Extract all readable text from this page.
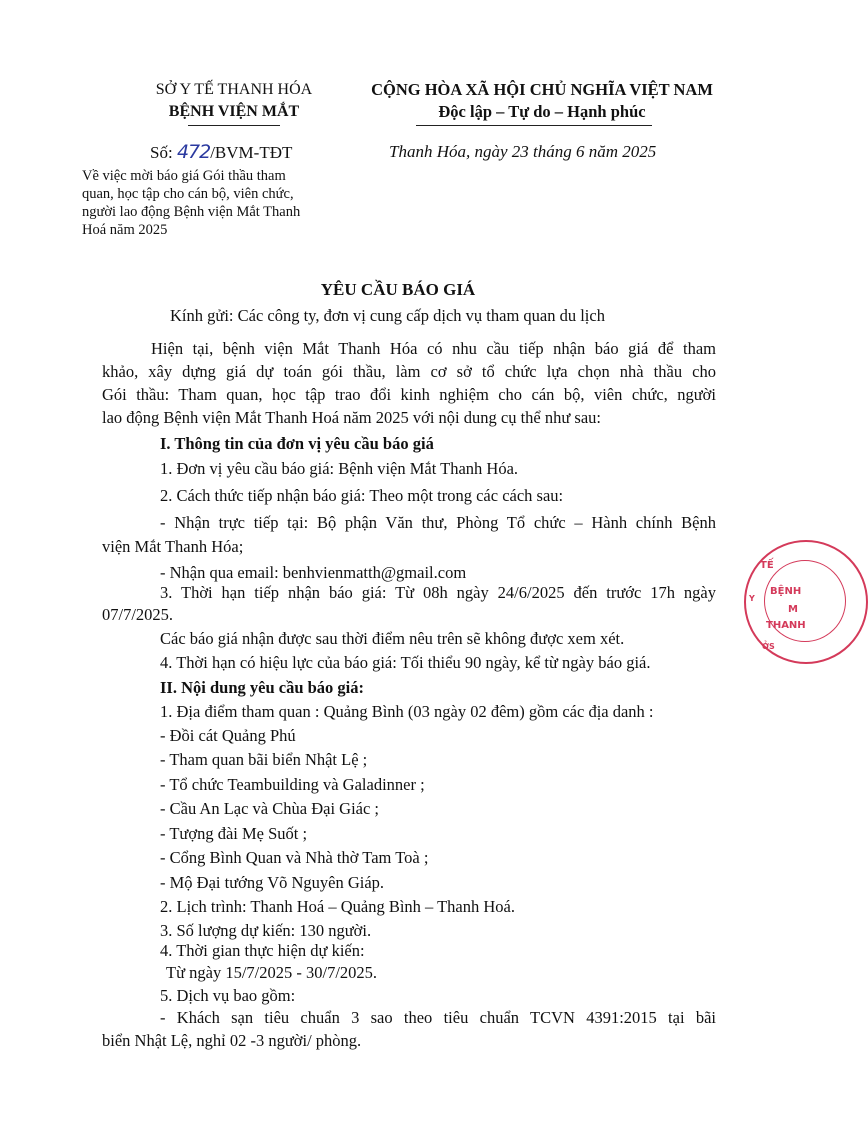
SỞ Y TẾ THANH HÓA
BỆNH VIỆN MẮT
Số: 472/BVM-TĐT
Về việc mời báo giá Gói thầu tham
quan, học tập cho cán bộ, viên chức,
người lao động Bệnh viện Mắt Thanh
Hoá năm 2025
CỘNG HÒA XÃ HỘI CHỦ NGHĨA VIỆT NAM
Độc lập – Tự do – Hạnh phúc
Thanh Hóa, ngày 23 tháng 6 năm 2025
TẾ
BỆNH
M
THANH
Y
ỞS
YÊU CẦU BÁO GIÁ
Kính gửi: Các công ty, đơn vị cung cấp dịch vụ tham quan du lịch
Hiện tại, bệnh viện Mắt Thanh Hóa có nhu cầu tiếp nhận báo giá để tham
khảo, xây dựng giá dự toán gói thầu, làm cơ sở tổ chức lựa chọn nhà thầu cho
Gói thầu: Tham quan, học tập trao đổi kinh nghiệm cho cán bộ, viên chức, người
lao động Bệnh viện Mắt Thanh Hoá năm 2025 với nội dung cụ thể như sau:
I. Thông tin của đơn vị yêu cầu báo giá
1. Đơn vị yêu cầu báo giá: Bệnh viện Mắt Thanh Hóa.
2. Cách thức tiếp nhận báo giá: Theo một trong các cách sau:
- Nhận trực tiếp tại: Bộ phận Văn thư, Phòng Tổ chức – Hành chính Bệnh
viện Mắt Thanh Hóa;
- Nhận qua email: benhvienmatth@gmail.com
3. Thời hạn tiếp nhận báo giá: Từ 08h ngày 24/6/2025 đến trước 17h ngày
07/7/2025.
Các báo giá nhận được sau thời điểm nêu trên sẽ không được xem xét.
4. Thời hạn có hiệu lực của báo giá: Tối thiểu 90 ngày, kể từ ngày báo giá.
II. Nội dung yêu cầu báo giá:
1. Địa điểm tham quan : Quảng Bình (03 ngày 02 đêm) gồm các địa danh :
- Đồi cát Quảng Phú
- Tham quan bãi biển Nhật Lệ ;
- Tổ chức Teambuilding và Galadinner ;
- Cầu An Lạc và Chùa Đại Giác ;
- Tượng đài Mẹ Suốt ;
- Cổng Bình Quan và Nhà thờ Tam Toà ;
- Mộ Đại tướng Võ Nguyên Giáp.
2. Lịch trình: Thanh Hoá – Quảng Bình – Thanh Hoá.
3. Số lượng dự kiến: 130 người.
4. Thời gian thực hiện dự kiến:
Từ ngày 15/7/2025 - 30/7/2025.
5. Dịch vụ bao gồm:
- Khách sạn tiêu chuẩn 3 sao theo tiêu chuẩn TCVN 4391:2015 tại bãi
biển Nhật Lệ, nghỉ 02 -3 người/ phòng.
